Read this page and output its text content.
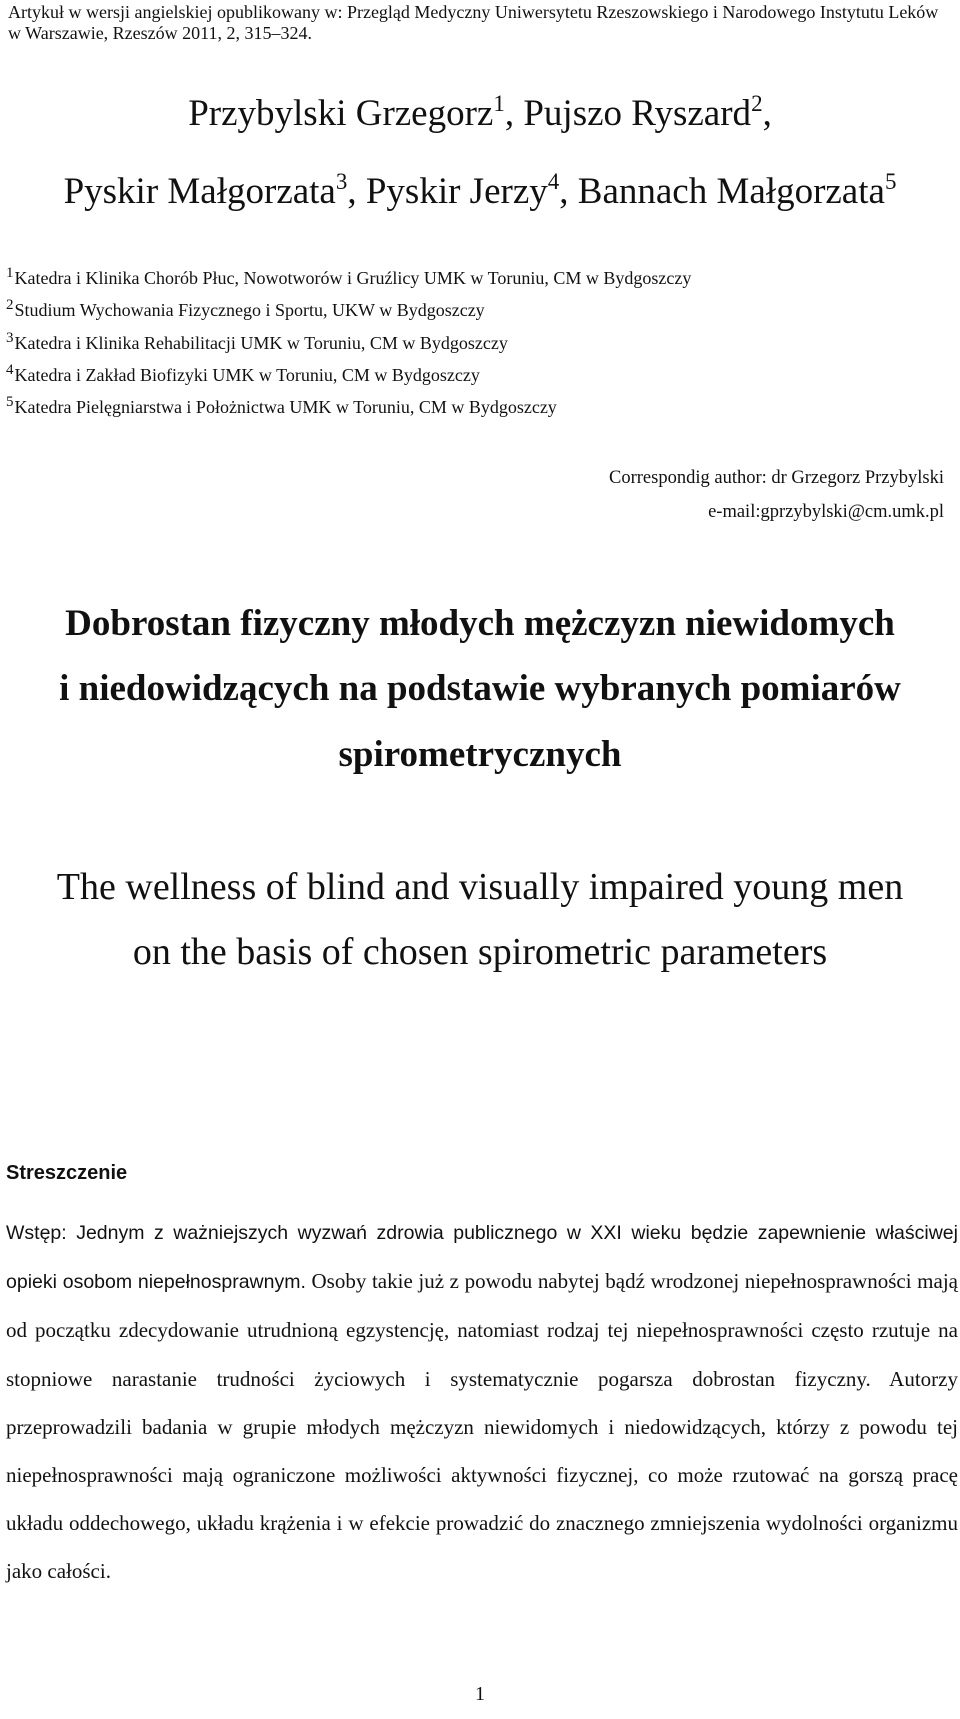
Artykuł w wersji angielskiej opublikowany w: Przegląd Medyczny Uniwersytetu Rzeszowskiego i Narodowego Instytutu Leków w Warszawie, Rzeszów 2011, 2, 315–324.
Przybylski Grzegorz$^1$, Pujszo Ryszard$^2$,
Pyskir Małgorzata$^3$, Pyskir Jerzy$^4$, Bannach Małgorzata$^5$
$^1$Katedra i Klinika Chorób Płuc, Nowotworów i Gruźlicy UMK w Toruniu, CM w Bydgoszczy
$^2$Studium Wychowania Fizycznego i Sportu, UKW w Bydgoszczy
$^3$Katedra i Klinika Rehabilitacji UMK w Toruniu, CM w Bydgoszczy
$^4$Katedra i Zakład Biofizyki UMK w Toruniu, CM w Bydgoszczy
$^5$Katedra Pielęgniarstwa i Położnictwa UMK w Toruniu, CM w Bydgoszczy
Correspondig author: dr Grzegorz Przybylski
e-mail:gprzybylski@cm.umk.pl
Dobrostan fizyczny młodych mężczyzn niewidomych
i niedowidzących na podstawie wybranych pomiarów
spirometrycznych
The wellness of blind and visually impaired young men
on the basis of chosen spirometric parameters
Streszczenie
Wstęp: Jednym z ważniejszych wyzwań zdrowia publicznego w XXI wieku będzie zapewnienie właściwej opieki osobom niepełnosprawnym. Osoby takie już z powodu nabytej bądź wrodzonej niepełnosprawności mają od początku zdecydowanie utrudnioną egzystencję, natomiast rodzaj tej niepełnosprawności często rzutuje na stopniowe narastanie trudności życiowych i systematycznie pogarsza dobrostan fizyczny. Autorzy przeprowadzili badania w grupie młodych mężczyzn niewidomych i niedowidzących, którzy z powodu tej niepełnosprawności mają ograniczone możliwości aktywności fizycznej, co może rzutować na gorszą pracę układu oddechowego, układu krążenia i w efekcie prowadzić do znacznego zmniejszenia wydolności organizmu jako całości.
1
